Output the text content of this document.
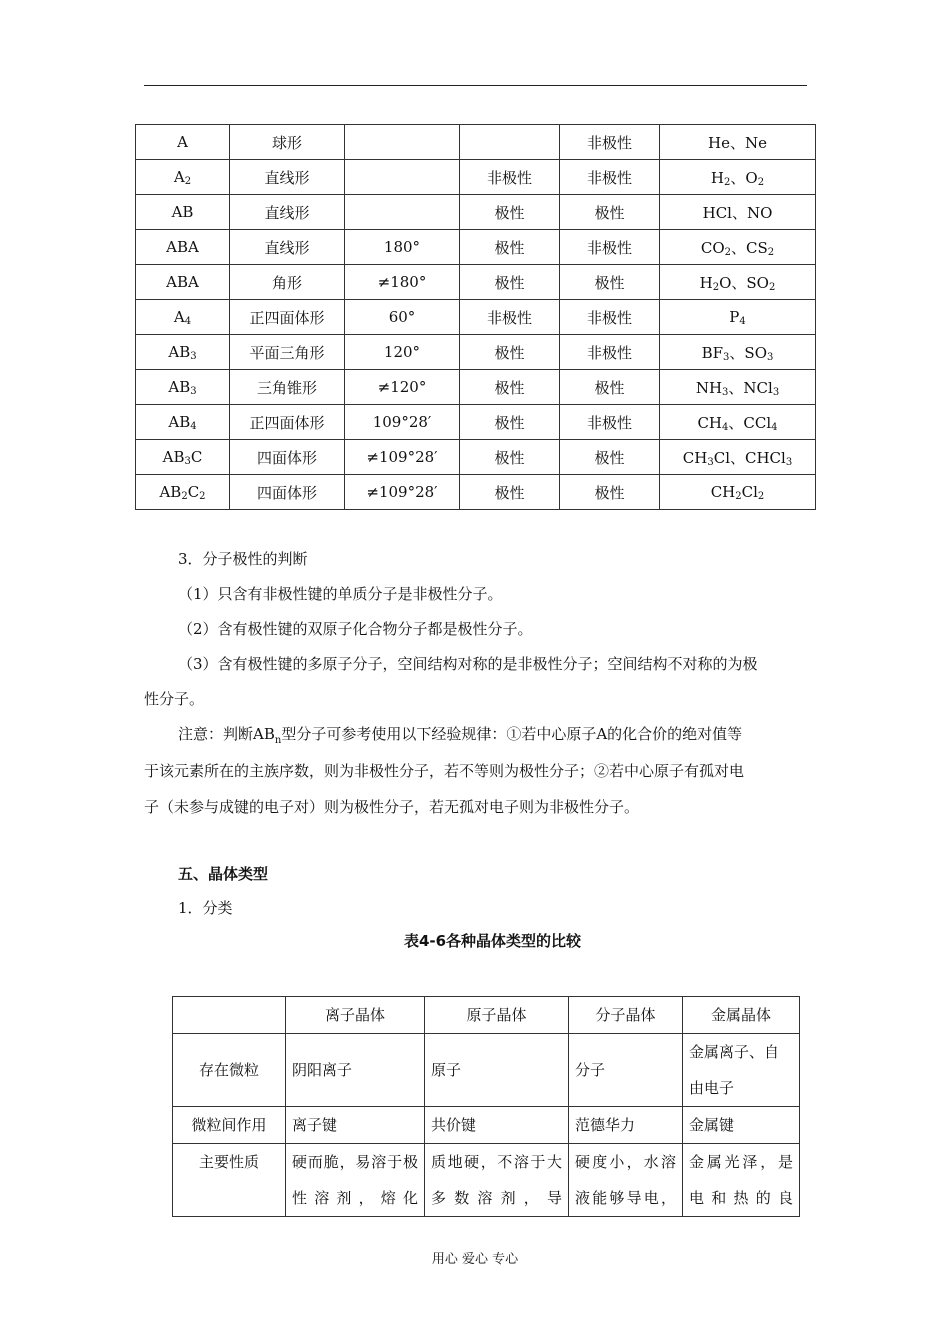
A	球形			非极性	He、Ne
$A_2$	直线形		非极性	非极性	$H_2$、$O_2$
AB	直线形		极性	极性	HCl、NO
ABA	直线形	180°	极性	非极性	$CO_2$、$CS_2$
ABA	角形	≠180°	极性	极性	$H_2O$、$SO_2$
$A_4$	正四面体形	60°	非极性	非极性	$P_4$
$AB_3$	平面三角形	120°	极性	非极性	$BF_3$、$SO_3$
$AB_3$	三角锥形	≠120°	极性	极性	$NH_3$、NCl$_3$
$AB_4$	正四面体形	109°28′	极性	非极性	$CH_4$、CCl$_4$
$AB_3C$	四面体形	≠109°28′	极性	极性	$CH_3Cl$、CHCl$_3$
$AB_2C_2$	四面体形	≠109°28′	极性	极性	$CH_2Cl_2$
3．分子极性的判断
（1）只含有非极性键的单质分子是非极性分子。
（2）含有极性键的双原子化合物分子都是极性分子。
（3）含有极性键的多原子分子，空间结构对称的是非极性分子；空间结构不对称的为极
性分子。
注意：判断$AB_n$型分子可参考使用以下经验规律：①若中心原子A的化合价的绝对值等
于该元素所在的主族序数，则为非极性分子，若不等则为极性分子；②若中心原子有孤对电
子（未参与成键的电子对）则为极性分子，若无孤对电子则为非极性分子。
五、晶体类型
1．分类
表4-6各种晶体类型的比较
	离子晶体	原子晶体	分子晶体	金属晶体
存在微粒	阴阳离子	原子	分子	金属离子、自由电子
微粒间作用	离子键	共价键	范德华力	金属键
主要性质	硬而脆，易溶于极性溶剂，熔化	质地硬，不溶于大多数溶剂，导	硬度小，水溶液能够导电，	金属光泽，是电和热的良
用心 爱心 专心
